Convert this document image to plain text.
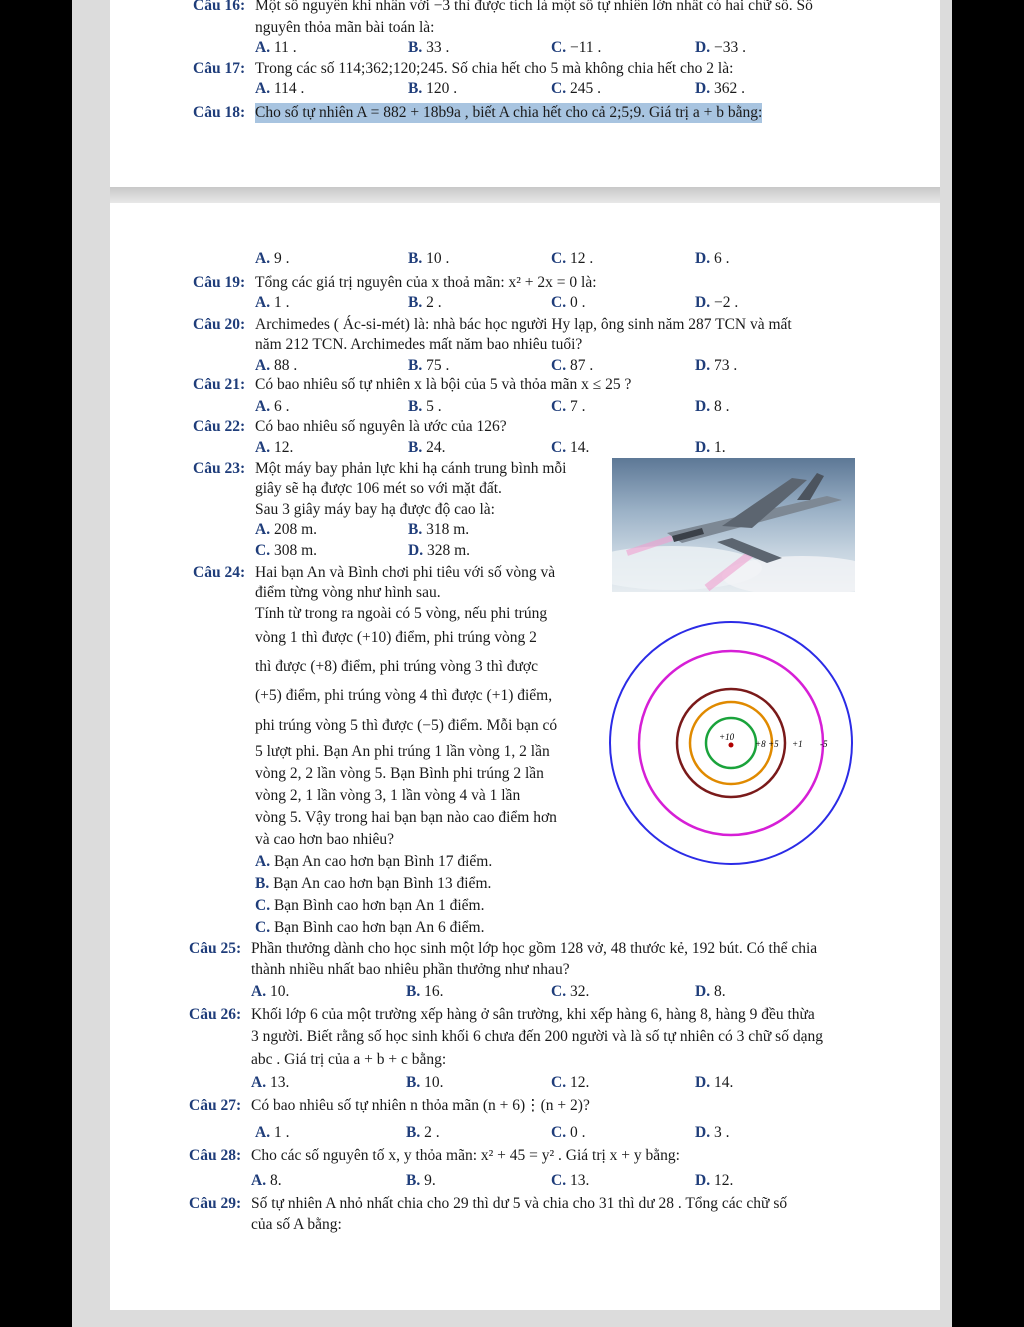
Câu 16: Một số nguyên khi nhân với −3 thì được tích là một số tự nhiên lớn nhất có hai chữ số. Số
nguyên thỏa mãn bài toán là:
A. 11 .	B. 33 .	C. −11 .	D. −33 .
Câu 17: Trong các số 114;362;120;245. Số chia hết cho 5 mà không chia hết cho 2 là:
A. 114 .	B. 120 .	C. 245 .	D. 362 .
Câu 18: Cho số tự nhiên A = 882 + 18b9a , biết A chia hết cho cả 2;5;9. Giá trị a + b bằng:
A. 9 .	B. 10 .	C. 12 .	D. 6 .
Câu 19: Tổng các giá trị nguyên của x thoả mãn: x² + 2x = 0 là:
A. 1 .	B. 2 .	C. 0 .	D. −2 .
Câu 20: Archimedes ( Ác-si-mét) là: nhà bác học người Hy lạp, ông sinh năm 287 TCN và mất
năm 212 TCN. Archimedes mất năm bao nhiêu tuổi?
A. 88 .	B. 75 .	C. 87 .	D. 73 .
Câu 21: Có bao nhiêu số tự nhiên x là bội của 5 và thỏa mãn x ≤ 25 ?
A. 6 .	B. 5 .	C. 7 .	D. 8 .
Câu 22: Có bao nhiêu số nguyên là ước của 126?
A. 12.	B. 24.	C. 14.	D. 1.
Câu 23: Một máy bay phản lực khi hạ cánh trung bình mỗi
giây sẽ hạ được 106 mét so với mặt đất.
Sau 3 giây máy bay hạ được độ cao là:
A. 208 m.	B. 318 m.
C. 308 m.	D. 328 m.
Câu 24: Hai bạn An và Bình chơi phi tiêu với số vòng và
điểm từng vòng như hình sau.
Tính từ trong ra ngoài có 5 vòng, nếu phi trúng
vòng 1 thì được (+10) điểm, phi trúng vòng 2
thì được (+8) điểm, phi trúng vòng 3 thì được
(+5) điểm, phi trúng vòng 4 thì được (+1) điểm,
phi trúng vòng 5 thì được (−5) điểm. Mỗi bạn có
5 lượt phi. Bạn An phi trúng 1 lần vòng 1, 2 lần
vòng 2, 2 lần vòng 5. Bạn Bình phi trúng 2 lần
vòng 2, 1 lần vòng 3, 1 lần vòng 4 và 1 lần
vòng 5. Vậy trong hai bạn bạn nào cao điểm hơn
và cao hơn bao nhiêu?
A. Bạn An cao hơn bạn Bình 17 điểm.
B. Bạn An cao hơn bạn Bình 13 điểm.
C. Bạn Bình cao hơn bạn An 1 điểm.
C. Bạn Bình cao hơn bạn An 6 điểm.
+10
+8 +5 +1 -5
Câu 25: Phần thưởng dành cho học sinh một lớp học gồm 128 vở, 48 thước kẻ, 192 bút. Có thể chia
thành nhiều nhất bao nhiêu phần thưởng như nhau?
A. 10.	B. 16.	C. 32.	D. 8.
Câu 26: Khối lớp 6 của một trường xếp hàng ở sân trường, khi xếp hàng 6, hàng 8, hàng 9 đều thừa
3 người. Biết rằng số học sinh khối 6 chưa đến 200 người và là số tự nhiên có 3 chữ số dạng
abc . Giá trị của a + b + c bằng:
A. 13.	B. 10.	C. 12.	D. 14.
Câu 27: Có bao nhiêu số tự nhiên n thỏa mãn (n + 6)⋮(n + 2)?
A. 1 .	B. 2 .	C. 0 .	D. 3 .
Câu 28: Cho các số nguyên tố x, y thỏa mãn: x² + 45 = y² . Giá trị x + y bằng:
A. 8.	B. 9.	C. 13.	D. 12.
Câu 29: Số tự nhiên A nhỏ nhất chia cho 29 thì dư 5 và chia cho 31 thì dư 28 . Tổng các chữ số
của số A bằng:
